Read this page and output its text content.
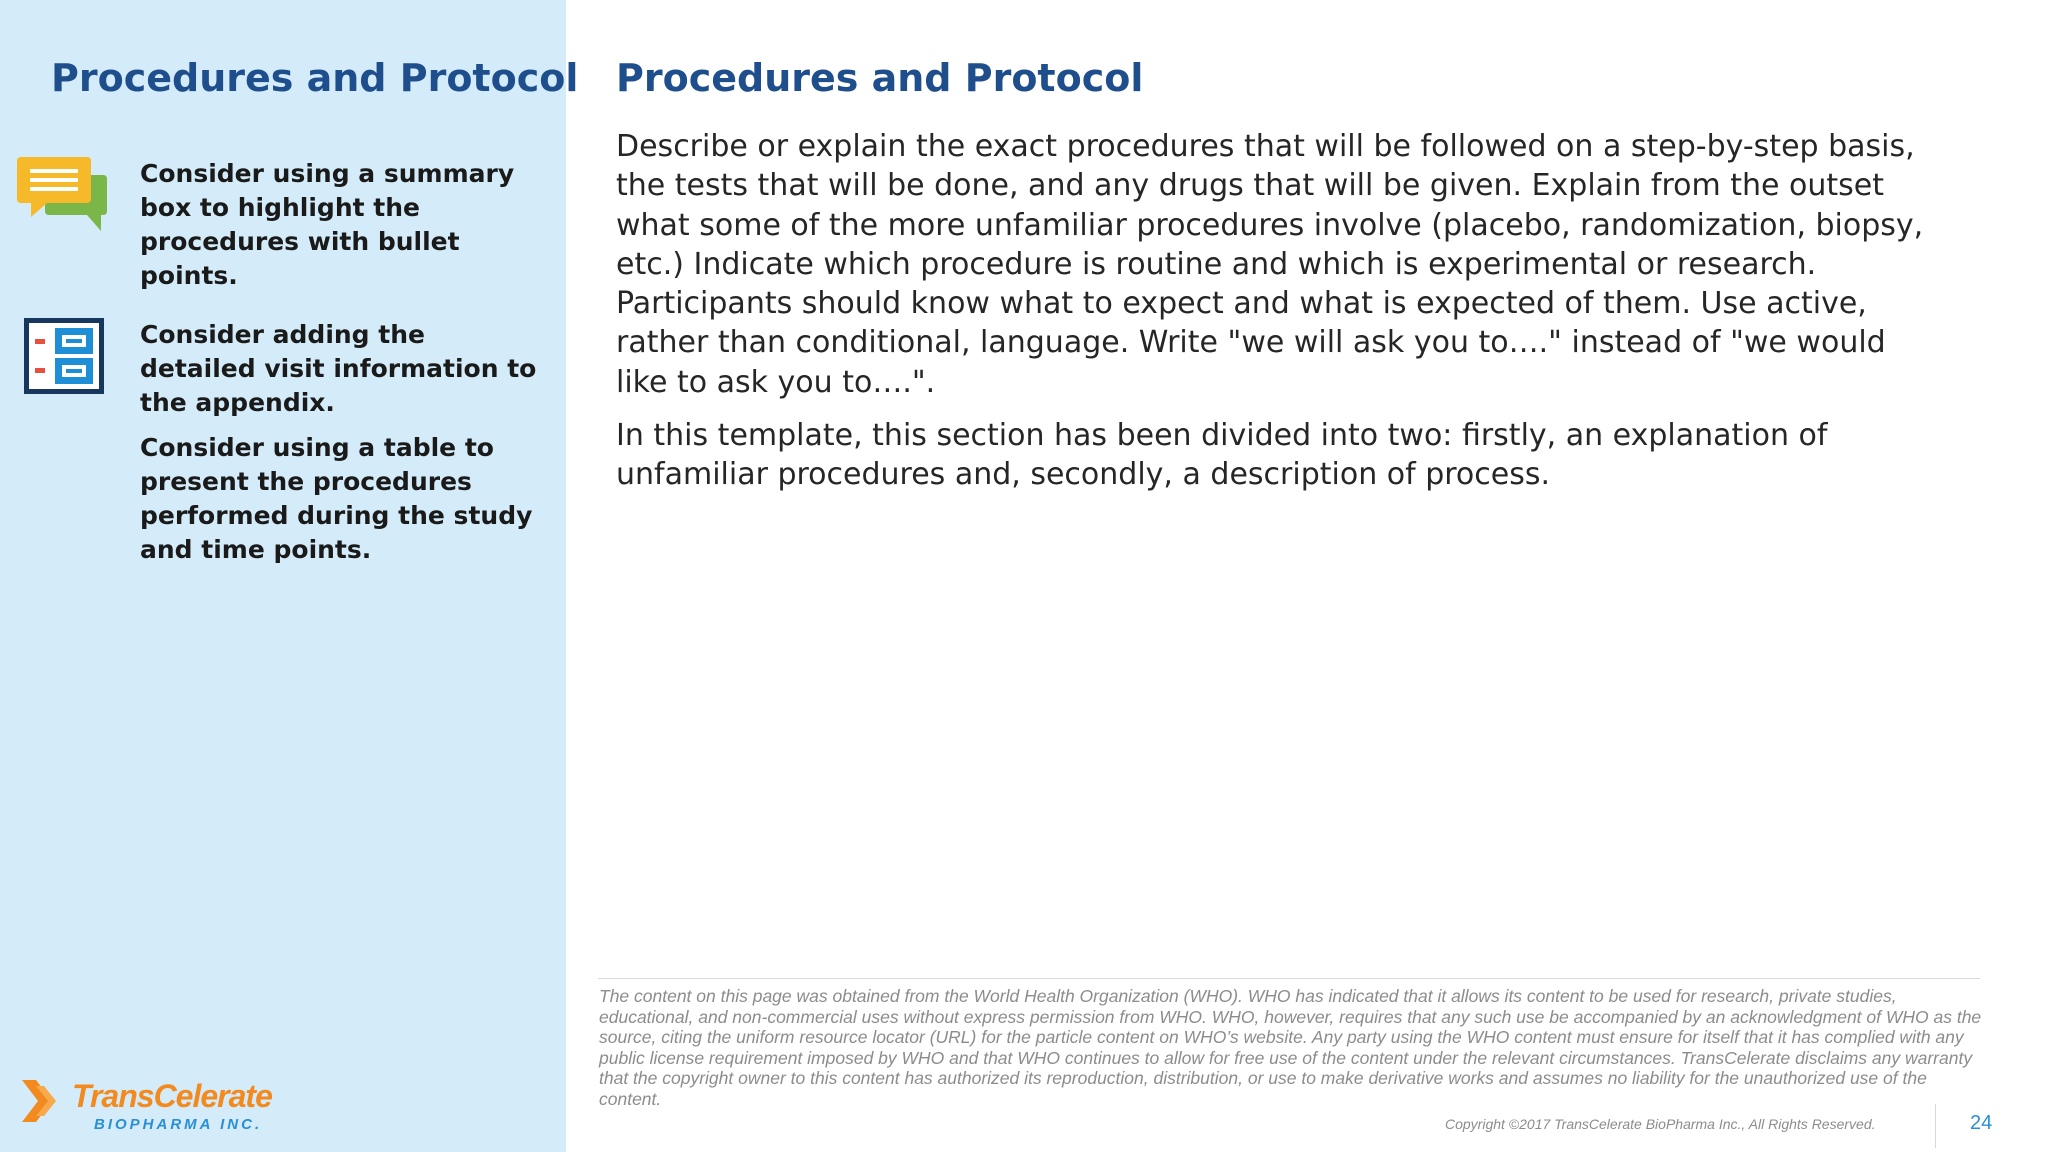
Procedures and Protocol

Consider using a summary box to highlight the procedures with bullet points.

Consider adding the detailed visit information to the appendix.

Consider using a table to present the procedures performed during the study and time points.

TransCelerate
BIOPHARMA INC.
Procedures and Protocol

Describe or explain the exact procedures that will be followed on a step-by-step basis, the tests that will be done, and any drugs that will be given. Explain from the outset what some of the more unfamiliar procedures involve (placebo, randomization, biopsy, etc.) Indicate which procedure is routine and which is experimental or research. Participants should know what to expect and what is expected of them. Use active, rather than conditional, language. Write "we will ask you to…." instead of "we would like to ask you to….".

In this template, this section has been divided into two: firstly, an explanation of unfamiliar procedures and, secondly, a description of process.

The content on this page was obtained from the World Health Organization (WHO). WHO has indicated that it allows its content to be used for research, private studies, educational, and non-commercial uses without express permission from WHO. WHO, however, requires that any such use be accompanied by an acknowledgment of WHO as the source, citing the uniform resource locator (URL) for the particle content on WHO’s website. Any party using the WHO content must ensure for itself that it has complied with any public license requirement imposed by WHO and that WHO continues to allow for free use of the content under the relevant circumstances. TransCelerate disclaims any warranty that the copyright owner to this content has authorized its reproduction, distribution, or use to make derivative works and assumes no liability for the unauthorized use of the content.

Copyright ©2017 TransCelerate BioPharma Inc., All Rights Reserved.	24
